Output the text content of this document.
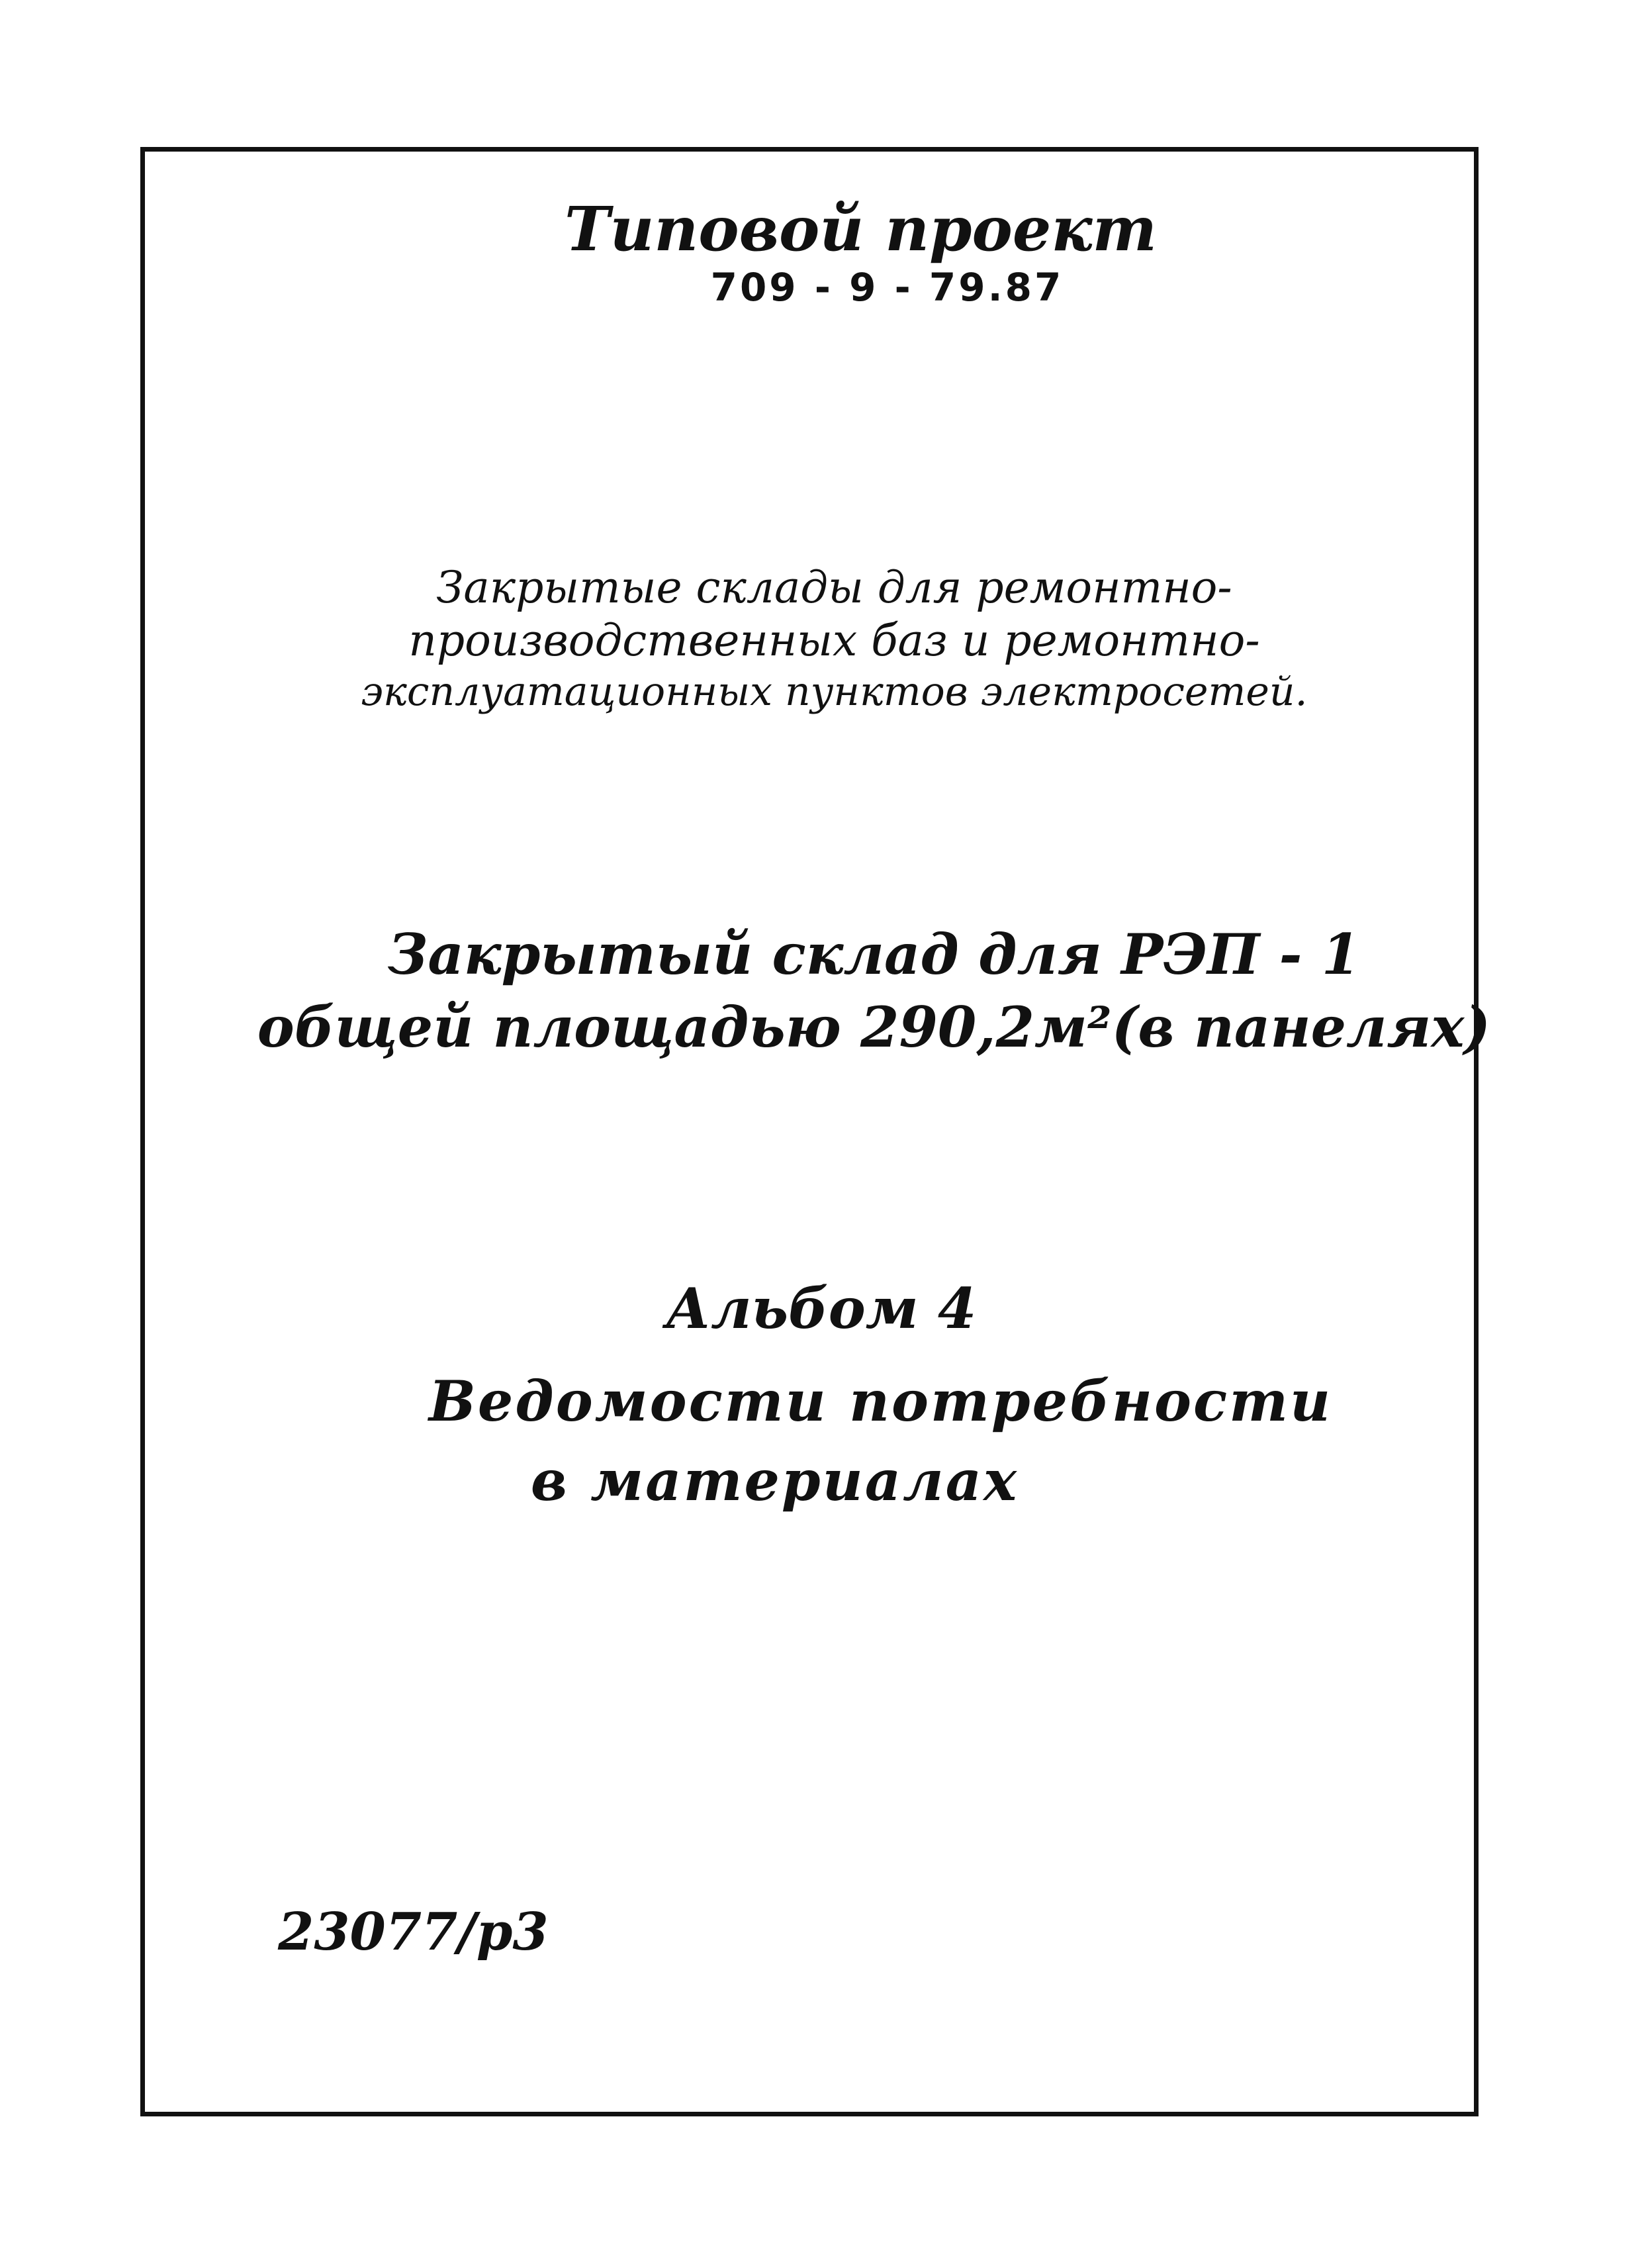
Типовой проект
709 - 9 - 79.87
Закрытые склады для ремонтно-
производственных баз и ремонтно-
эксплуатационных пунктов электросетей.
Закрытый склад для РЭП - 1
общей площадью 290,2м²(в панелях)
Альбом 4
Ведомости потребности
в материалах
23077/р3
